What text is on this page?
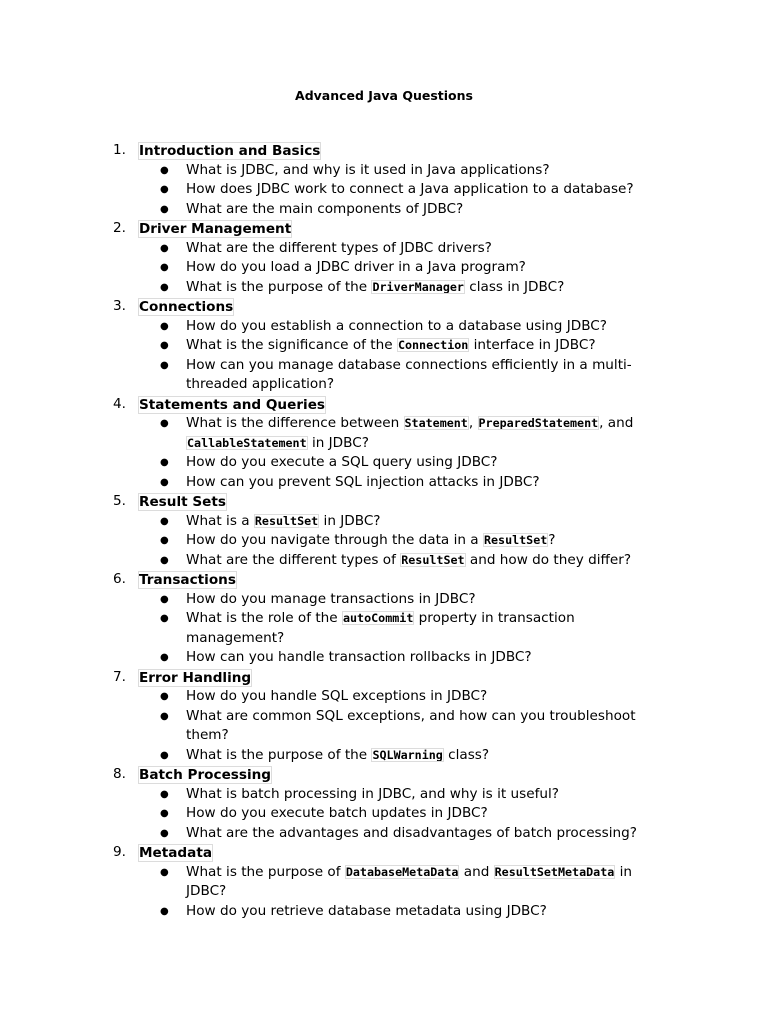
Advanced Java Questions
1. Introduction and Basics
● What is JDBC, and why is it used in Java applications?
● How does JDBC work to connect a Java application to a database?
● What are the main components of JDBC?
2. Driver Management
● What are the different types of JDBC drivers?
● How do you load a JDBC driver in a Java program?
● What is the purpose of the DriverManager class in JDBC?
3. Connections
● How do you establish a connection to a database using JDBC?
● What is the significance of the Connection interface in JDBC?
● How can you manage database connections efficiently in a multi-threaded application?
4. Statements and Queries
● What is the difference between Statement, PreparedStatement, and CallableStatement in JDBC?
● How do you execute a SQL query using JDBC?
● How can you prevent SQL injection attacks in JDBC?
5. Result Sets
● What is a ResultSet in JDBC?
● How do you navigate through the data in a ResultSet?
● What are the different types of ResultSet and how do they differ?
6. Transactions
● How do you manage transactions in JDBC?
● What is the role of the autoCommit property in transaction management?
● How can you handle transaction rollbacks in JDBC?
7. Error Handling
● How do you handle SQL exceptions in JDBC?
● What are common SQL exceptions, and how can you troubleshoot them?
● What is the purpose of the SQLWarning class?
8. Batch Processing
● What is batch processing in JDBC, and why is it useful?
● How do you execute batch updates in JDBC?
● What are the advantages and disadvantages of batch processing?
9. Metadata
● What is the purpose of DatabaseMetaData and ResultSetMetaData in JDBC?
● How do you retrieve database metadata using JDBC?
